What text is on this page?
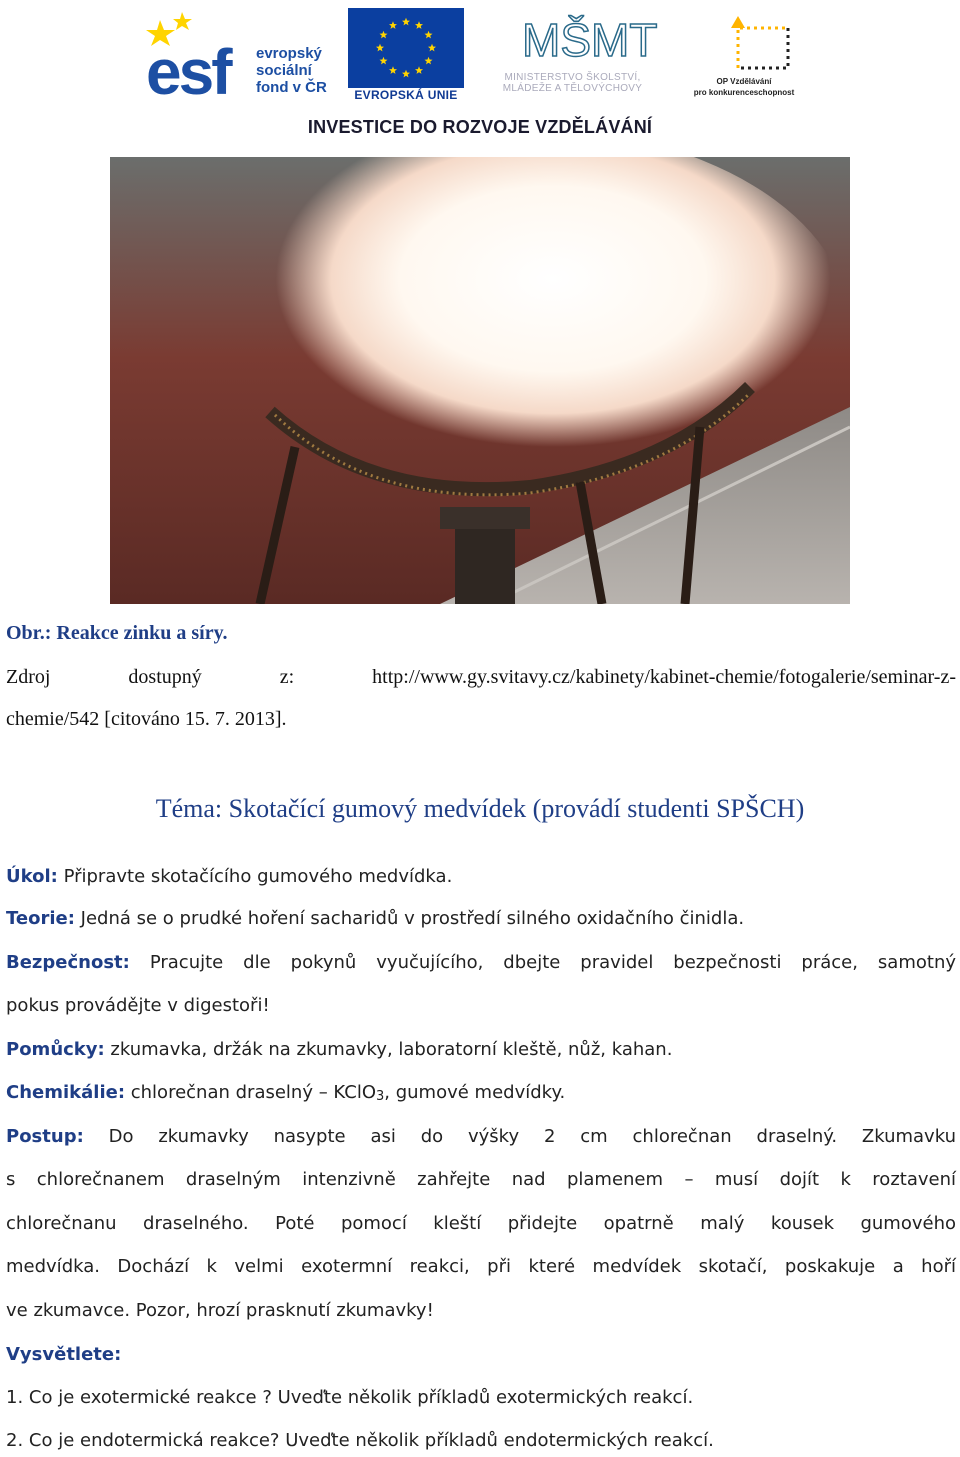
esf evropský
sociální
fond v ČR	EVROPSKÁ UNIE
MŠMT
MINISTERSTVO ŠKOLSTVÍ,
MLÁDEŽE A TĚLOVÝCHOVY
OP Vzdělávání
pro konkurenceschopnost
INVESTICE DO ROZVOJE VZDĚLÁVÁNÍ
Obr.: Reakce zinku a síry.
Zdroj dostupný z: http://www.gy.svitavy.cz/kabinety/kabinet-chemie/fotogalerie/seminar-z-
chemie/542 [citováno 15. 7. 2013].
Téma: Skotačící gumový medvídek (provádí studenti SPŠCH)
Úkol: Připravte skotačícího gumového medvídka.
Teorie: Jedná se o prudké hoření sacharidů v prostředí silného oxidačního činidla.
Bezpečnost: Pracujte dle pokynů vyučujícího, dbejte pravidel bezpečnosti práce, samotný
pokus provádějte v digestoři!
Pomůcky: zkumavka, držák na zkumavky, laboratorní kleště, nůž, kahan.
Chemikálie: chlorečnan draselný – KClO$_3$, gumové medvídky.
Postup: Do zkumavky nasypte asi do výšky 2 cm chlorečnan draselný. Zkumavku
s chlorečnanem draselným intenzivně zahřejte nad plamenem – musí dojít k roztavení
chlorečnanu draselného. Poté pomocí kleští přidejte opatrně malý kousek gumového
medvídka. Dochází k velmi exotermní reakci, při které medvídek skotačí, poskakuje a hoří
ve zkumavce. Pozor, hrozí prasknutí zkumavky!
Vysvětlete:
1. Co je exotermické reakce ? Uveďte několik příkladů exotermických reakcí.
2. Co je endotermická reakce? Uveďte několik příkladů endotermických reakcí.
